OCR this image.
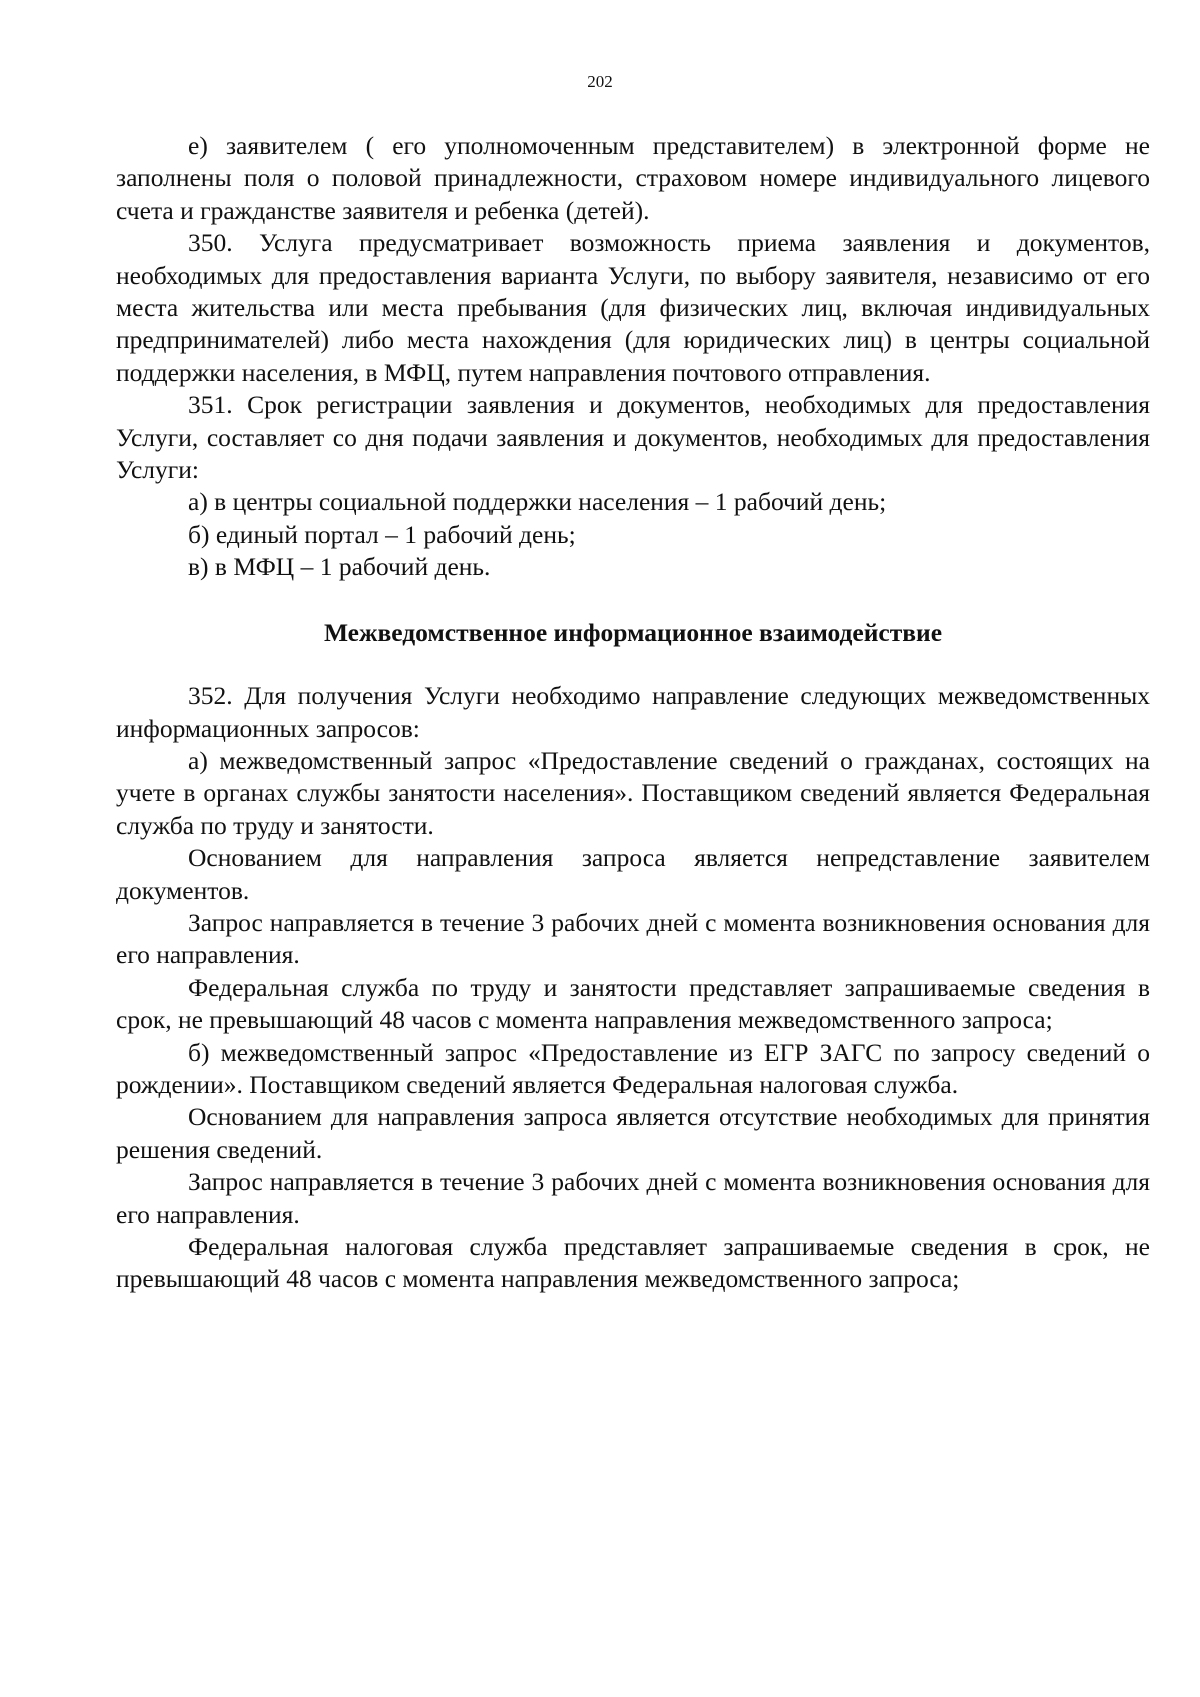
202

е) заявителем ( его уполномоченным представителем) в электронной форме не заполнены поля о половой принадлежности, страховом номере индивидуального лицевого счета и гражданстве заявителя и ребенка (детей).

350. Услуга предусматривает возможность приема заявления и документов, необходимых для предоставления варианта Услуги, по выбору заявителя, независимо от его места жительства или места пребывания (для физических лиц, включая индивидуальных предпринимателей) либо места нахождения (для юридических лиц) в центры социальной поддержки населения, в МФЦ, путем направления почтового отправления.

351. Срок регистрации заявления и документов, необходимых для предоставления Услуги, составляет со дня подачи заявления и документов, необходимых для предоставления Услуги:

а) в центры социальной поддержки населения – 1 рабочий день;

б) единый портал – 1 рабочий день;

в) в МФЦ – 1 рабочий день.

Межведомственное информационное взаимодействие

352. Для получения Услуги необходимо направление следующих межведомственных информационных запросов:

а) межведомственный запрос «Предоставление сведений о гражданах, состоящих на учете в органах службы занятости населения». Поставщиком сведений является Федеральная служба по труду и занятости.

Основанием для направления запроса является непредставление заявителем документов.

Запрос направляется в течение 3 рабочих дней с момента возникновения основания для его направления.

Федеральная служба по труду и занятости представляет запрашиваемые сведения в срок, не превышающий 48 часов с момента направления межведомственного запроса;

б) межведомственный запрос «Предоставление из ЕГР ЗАГС по запросу сведений о рождении». Поставщиком сведений является Федеральная налоговая служба.

Основанием для направления запроса является отсутствие необходимых для принятия решения сведений.

Запрос направляется в течение 3 рабочих дней с момента возникновения основания для его направления.

Федеральная налоговая служба представляет запрашиваемые сведения в срок, не превышающий 48 часов с момента направления межведомственного запроса;
